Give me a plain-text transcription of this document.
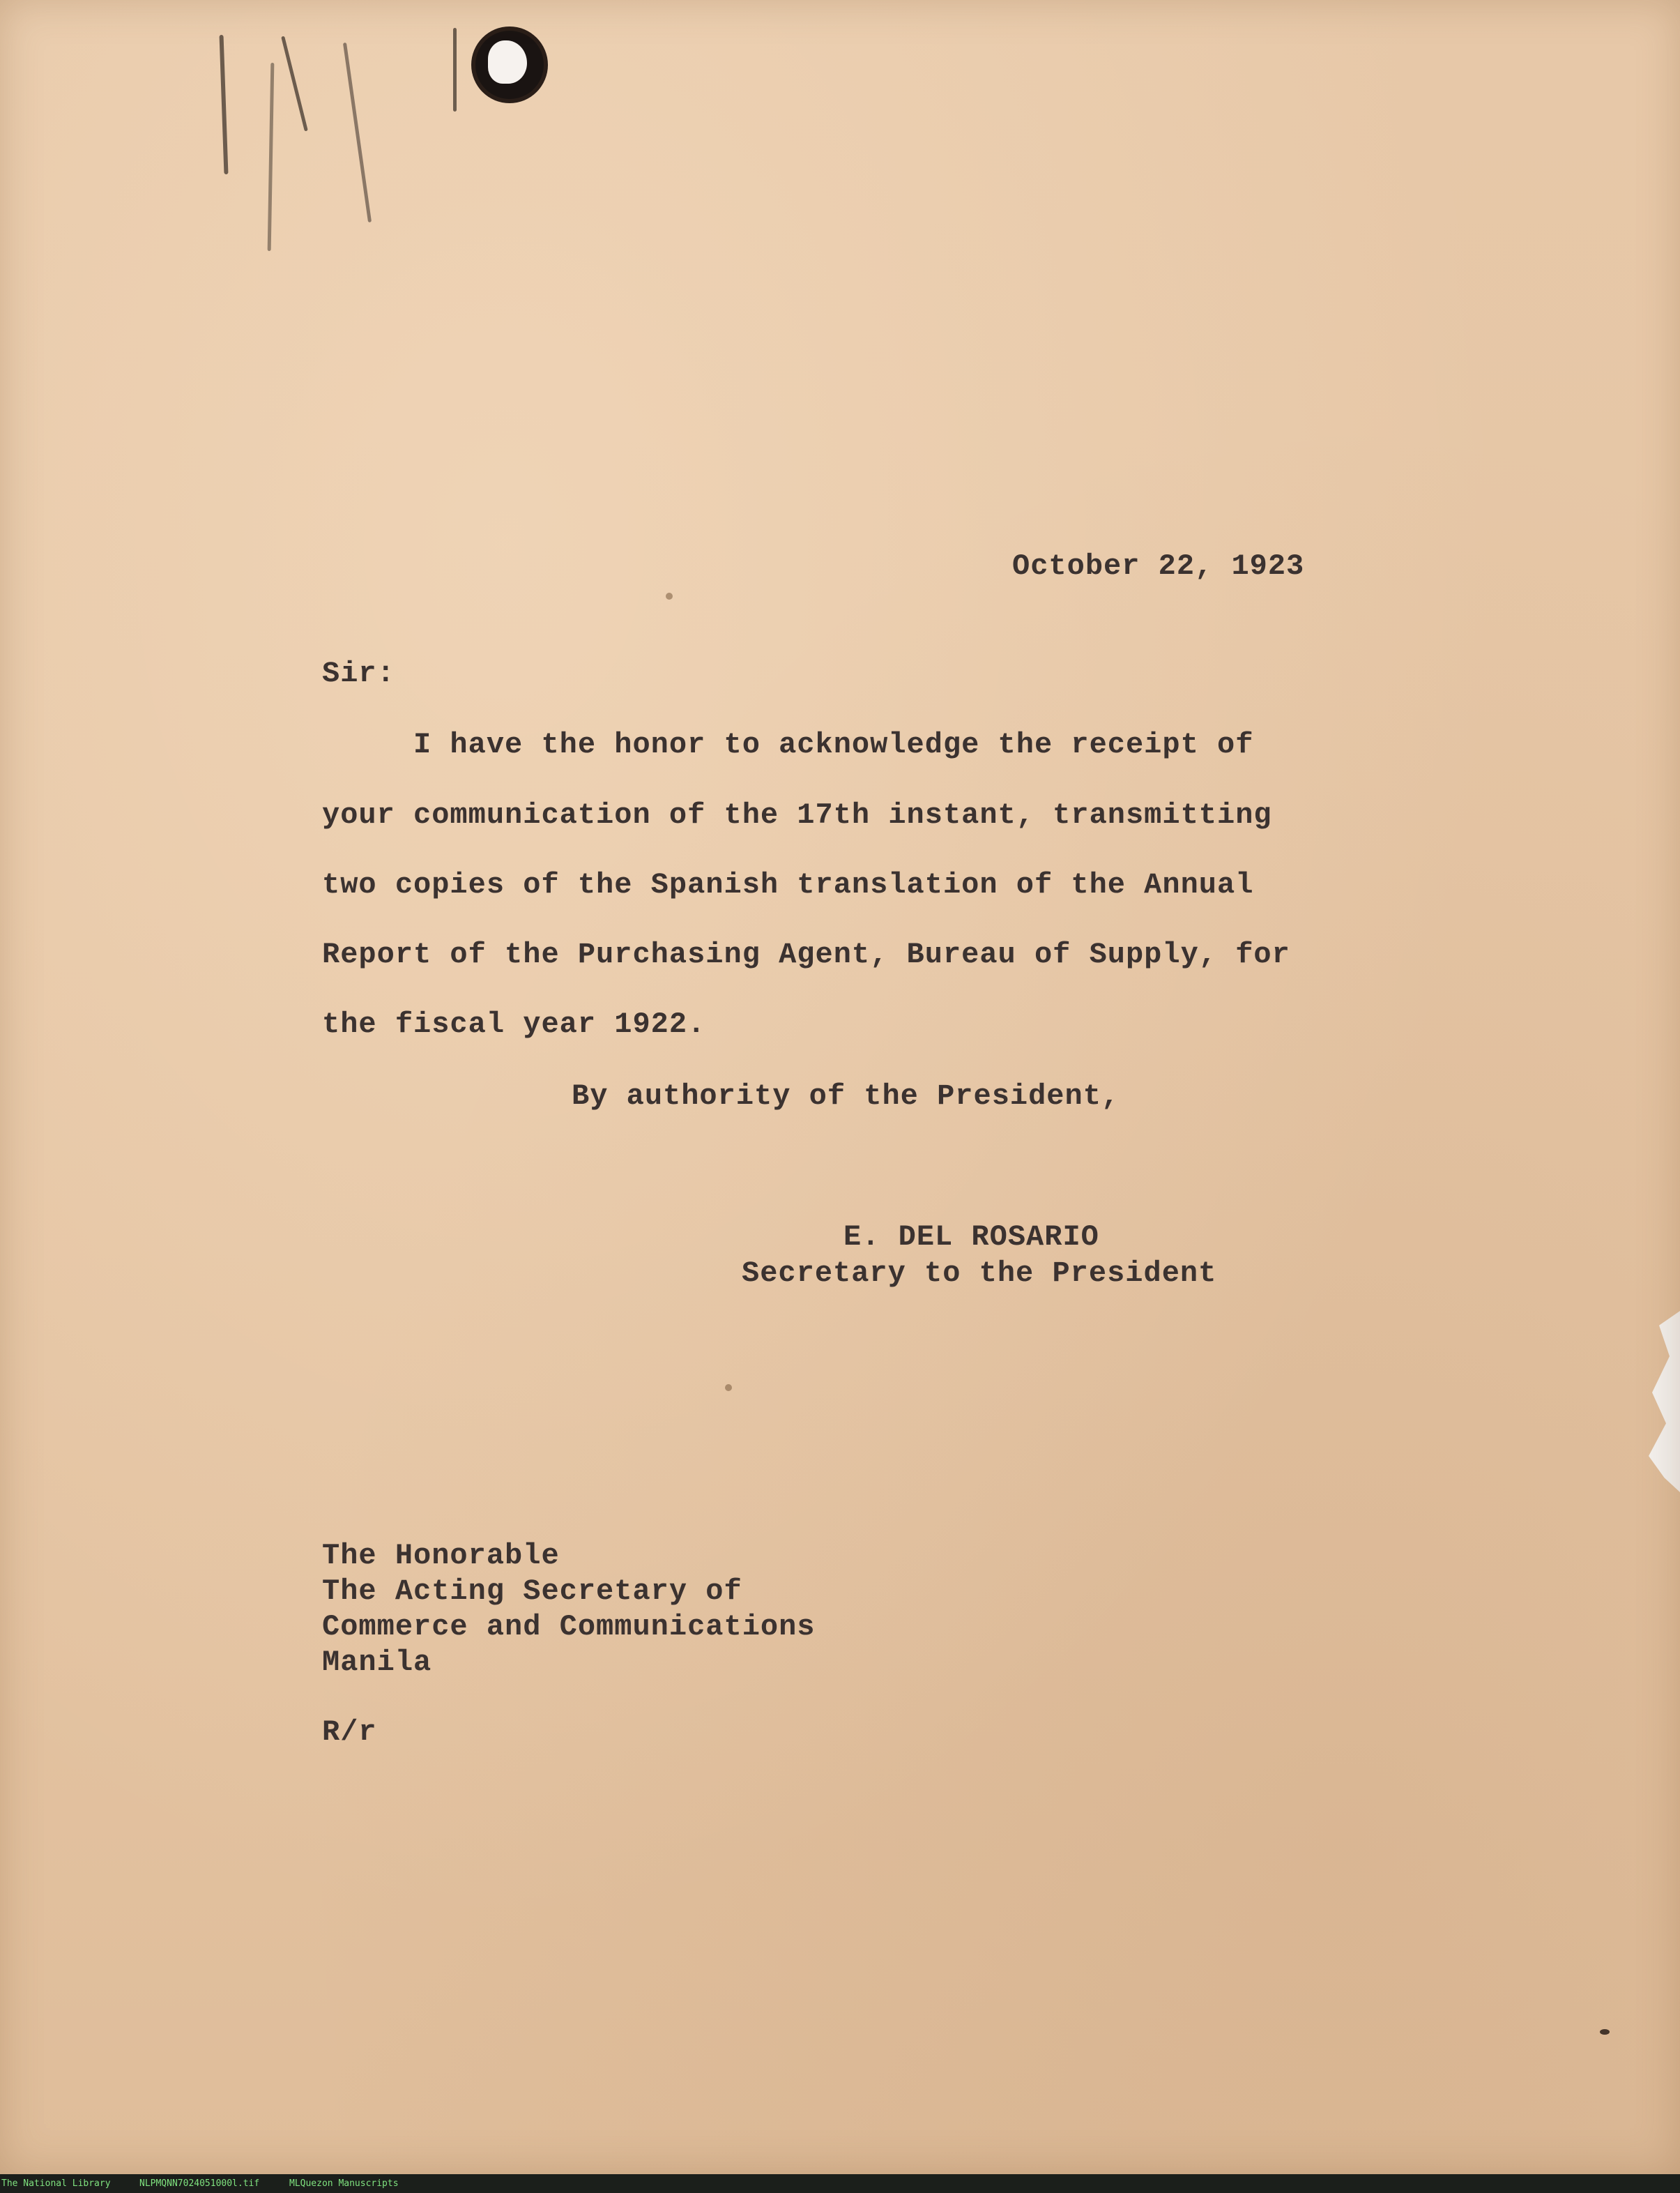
October 22, 1923
Sir:
I have the honor to acknowledge the receipt of
your communication of the 17th instant, transmitting
two copies of the Spanish translation of the Annual
Report of the Purchasing Agent, Bureau of Supply, for
the fiscal year 1922.
By authority of the President,
E. DEL ROSARIO
Secretary to the President
The Honorable
The Acting Secretary of
Commerce and Communications
Manila
R/r
The National Library	NLPMQNN7024051000l.tif	MLQuezon Manuscripts
